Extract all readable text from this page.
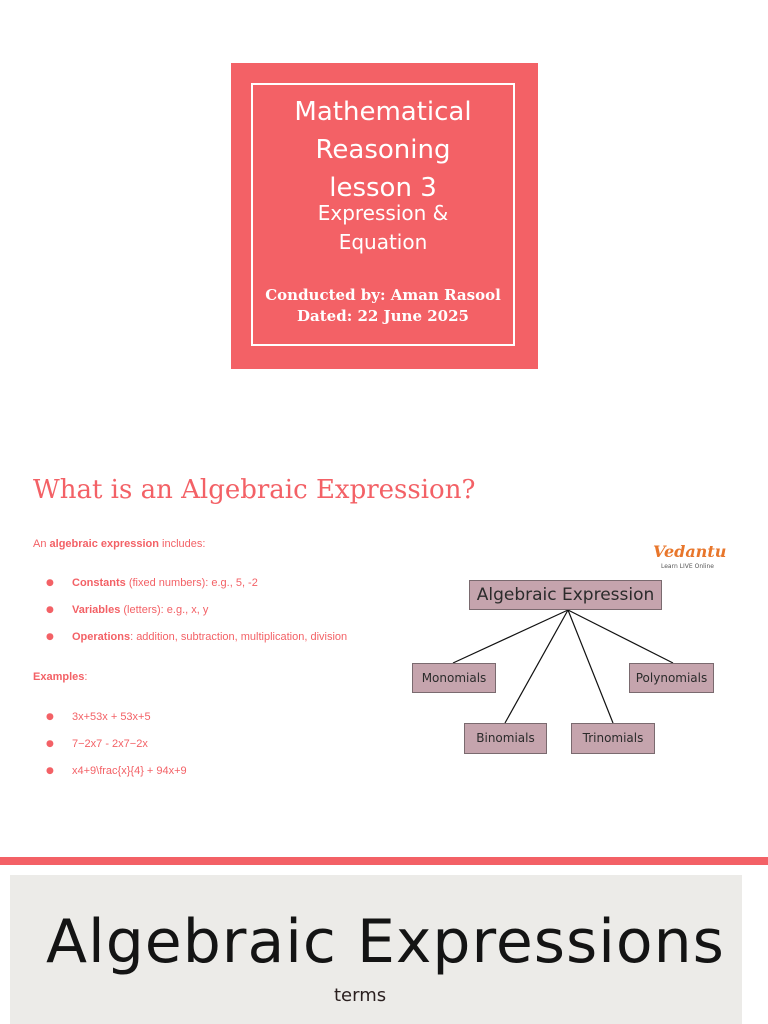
Mathematical
Reasoning
lesson 3
Expression &
Equation
Conducted by: Aman Rasool
Dated: 22 June 2025
What is an Algebraic Expression?
An algebraic expression includes:
● Constants (fixed numbers): e.g., 5, -2
● Variables (letters): e.g., x, y
● Operations: addition, subtraction, multiplication, division
Examples:
● 3x+53x + 53x+5
● 7−2x7 - 2x7−2x
● x4+9\frac{x}{4} + 94x+9
Vedantu
Learn LIVE Online
Algebraic Expression
Monomials
Binomials	Trinomials
Polynomials
Algebraic Expressions
terms
